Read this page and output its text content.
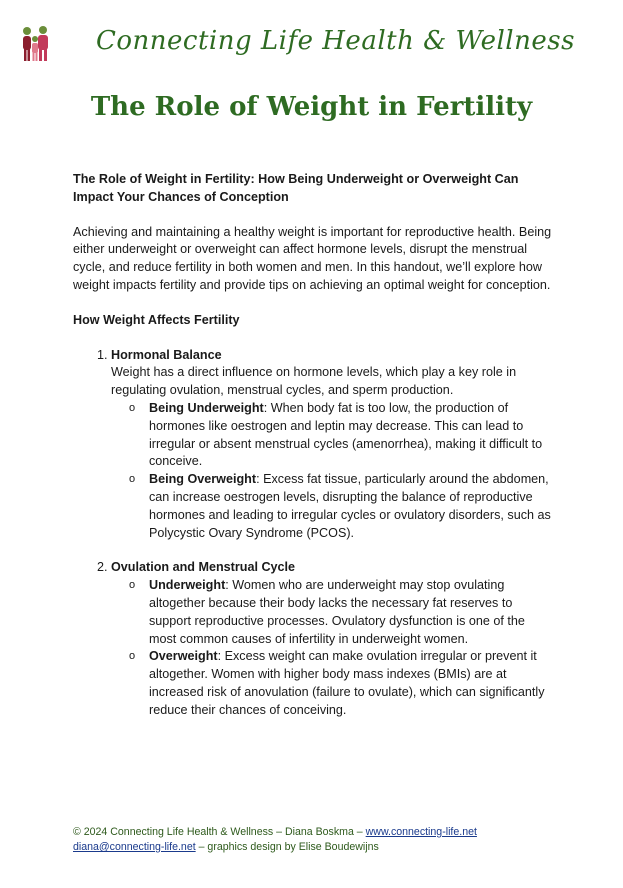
Connecting Life Health & Wellness
The Role of Weight in Fertility

The Role of Weight in Fertility: How Being Underweight or Overweight Can Impact Your Chances of Conception

Achieving and maintaining a healthy weight is important for reproductive health. Being either underweight or overweight can affect hormone levels, disrupt the menstrual cycle, and reduce fertility in both women and men. In this handout, we’ll explore how weight impacts fertility and provide tips on achieving an optimal weight for conception.

How Weight Affects Fertility

1. Hormonal Balance
Weight has a direct influence on hormone levels, which play a key role in regulating ovulation, menstrual cycles, and sperm production.
o Being Underweight: When body fat is too low, the production of hormones like oestrogen and leptin may decrease. This can lead to irregular or absent menstrual cycles (amenorrhea), making it difficult to conceive.
o Being Overweight: Excess fat tissue, particularly around the abdomen, can increase oestrogen levels, disrupting the balance of reproductive hormones and leading to irregular cycles or ovulatory disorders, such as Polycystic Ovary Syndrome (PCOS).
2. Ovulation and Menstrual Cycle
o Underweight: Women who are underweight may stop ovulating altogether because their body lacks the necessary fat reserves to support reproductive processes. Ovulatory dysfunction is one of the most common causes of infertility in underweight women.
o Overweight: Excess weight can make ovulation irregular or prevent it altogether. Women with higher body mass indexes (BMIs) are at increased risk of anovulation (failure to ovulate), which can significantly reduce their chances of conceiving.
© 2024 Connecting Life Health & Wellness – Diana Boskma – www.connecting-life.net
diana@connecting-life.net – graphics design by Elise Boudewijns
